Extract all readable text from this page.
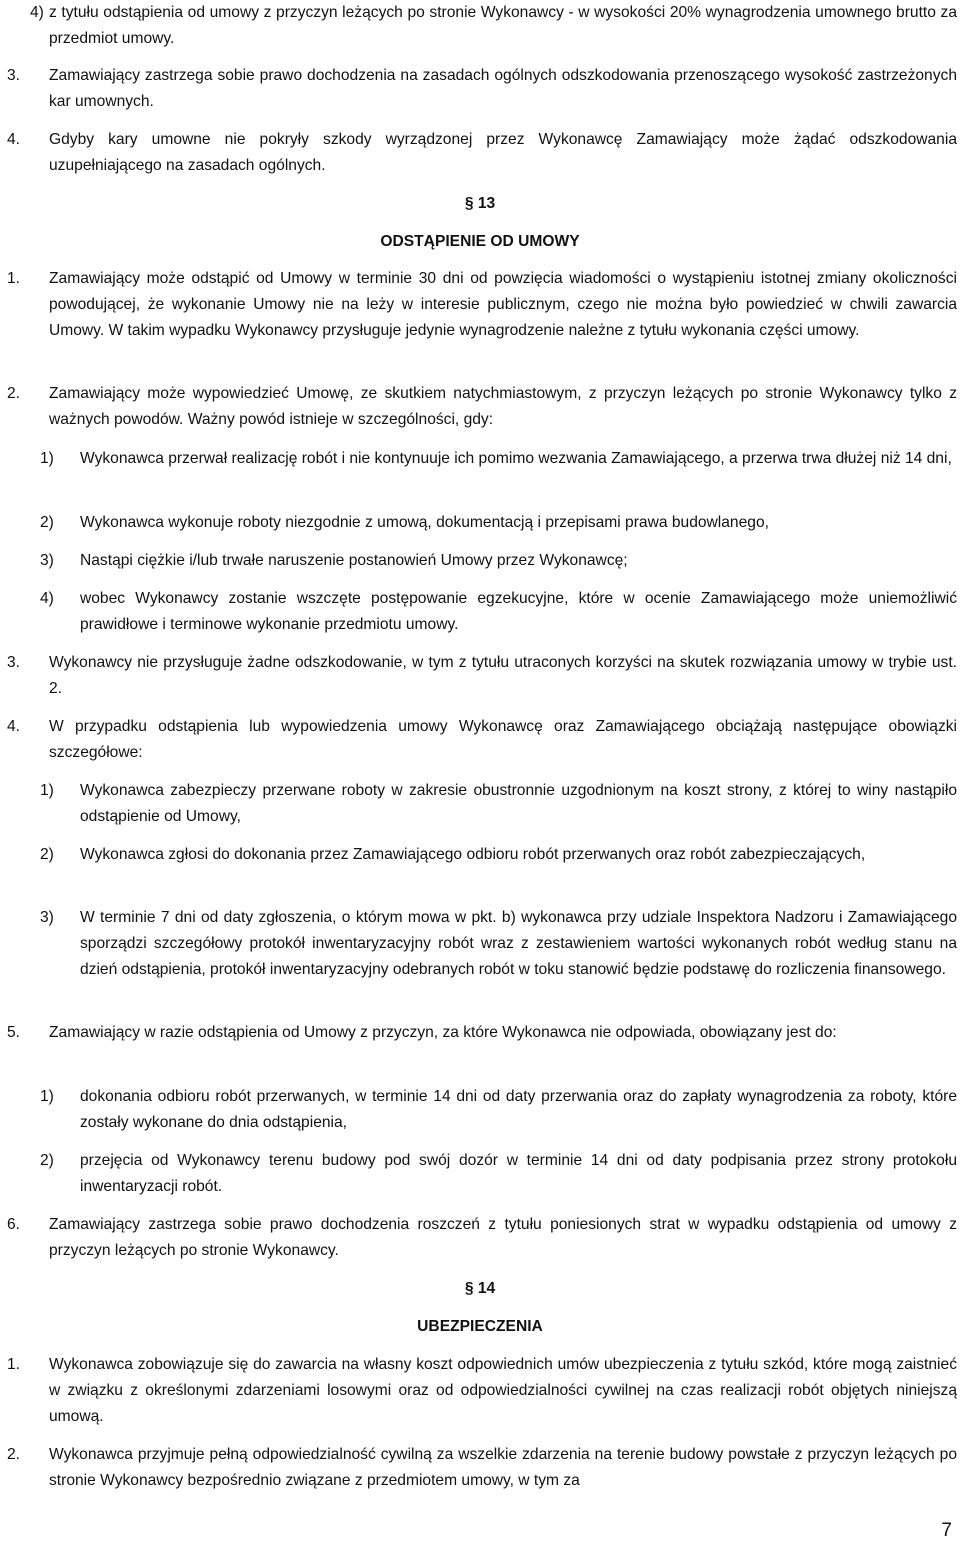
4) z tytułu odstąpienia od umowy z przyczyn leżących po stronie Wykonawcy - w wysokości 20% wynagrodzenia umownego brutto za przedmiot umowy.
3. Zamawiający zastrzega sobie prawo dochodzenia na zasadach ogólnych odszkodowania przenoszącego wysokość zastrzeżonych kar umownych.
4. Gdyby kary umowne nie pokryły szkody wyrządzonej przez Wykonawcę Zamawiający może żądać odszkodowania uzupełniającego na zasadach ogólnych.
§ 13
ODSTĄPIENIE OD UMOWY
1. Zamawiający może odstąpić od Umowy w terminie 30 dni od powzięcia wiadomości o wystąpieniu istotnej zmiany okoliczności powodującej, że wykonanie Umowy nie na leży w interesie publicznym, czego nie można było powiedzieć w chwili zawarcia Umowy. W takim wypadku Wykonawcy przysługuje jedynie wynagrodzenie należne z tytułu wykonania części umowy.
2. Zamawiający może wypowiedzieć Umowę, ze skutkiem natychmiastowym, z przyczyn leżących po stronie Wykonawcy tylko z ważnych powodów. Ważny powód istnieje w szczególności, gdy:
1) Wykonawca przerwał realizację robót i nie kontynuuje ich pomimo wezwania Zamawiającego, a przerwa trwa dłużej niż 14 dni,
2) Wykonawca wykonuje roboty niezgodnie z umową, dokumentacją i przepisami prawa budowlanego,
3) Nastąpi ciężkie i/lub trwałe naruszenie postanowień Umowy przez Wykonawcę;
4) wobec Wykonawcy zostanie wszczęte postępowanie egzekucyjne, które w ocenie Zamawiającego może uniemożliwić prawidłowe i terminowe wykonanie przedmiotu umowy.
3. Wykonawcy nie przysługuje żadne odszkodowanie, w tym z tytułu utraconych korzyści na skutek rozwiązania umowy w trybie ust. 2.
4. W przypadku odstąpienia lub wypowiedzenia umowy Wykonawcę oraz Zamawiającego obciążają następujące obowiązki szczegółowe:
1) Wykonawca zabezpieczy przerwane roboty w zakresie obustronnie uzgodnionym na koszt strony, z której to winy nastąpiło odstąpienie od Umowy,
2) Wykonawca zgłosi do dokonania przez Zamawiającego odbioru robót przerwanych oraz robót zabezpieczających,
3) W terminie 7 dni od daty zgłoszenia, o którym mowa w pkt. b) wykonawca przy udziale Inspektora Nadzoru i Zamawiającego sporządzi szczegółowy protokół inwentaryzacyjny robót wraz z zestawieniem wartości wykonanych robót według stanu na dzień odstąpienia, protokół inwentaryzacyjny odebranych robót w toku stanowić będzie podstawę do rozliczenia finansowego.
5. Zamawiający w razie odstąpienia od Umowy z przyczyn, za które Wykonawca nie odpowiada, obowiązany jest do:
1) dokonania odbioru robót przerwanych, w terminie 14 dni od daty przerwania oraz do zapłaty wynagrodzenia za roboty, które zostały wykonane do dnia odstąpienia,
2) przejęcia od Wykonawcy terenu budowy pod swój dozór w terminie 14 dni od daty podpisania przez strony protokołu inwentaryzacji robót.
6. Zamawiający zastrzega sobie prawo dochodzenia roszczeń z tytułu poniesionych strat w wypadku odstąpienia od umowy z przyczyn leżących po stronie Wykonawcy.
§ 14
UBEZPIECZENIA
1. Wykonawca zobowiązuje się do zawarcia na własny koszt odpowiednich umów ubezpieczenia z tytułu szkód, które mogą zaistnieć w związku z określonymi zdarzeniami losowymi oraz od odpowiedzialności cywilnej na czas realizacji robót objętych niniejszą umową.
2. Wykonawca przyjmuje pełną odpowiedzialność cywilną za wszelkie zdarzenia na terenie budowy powstałe z przyczyn leżących po stronie Wykonawcy bezpośrednio związane z przedmiotem umowy, w tym za
7
